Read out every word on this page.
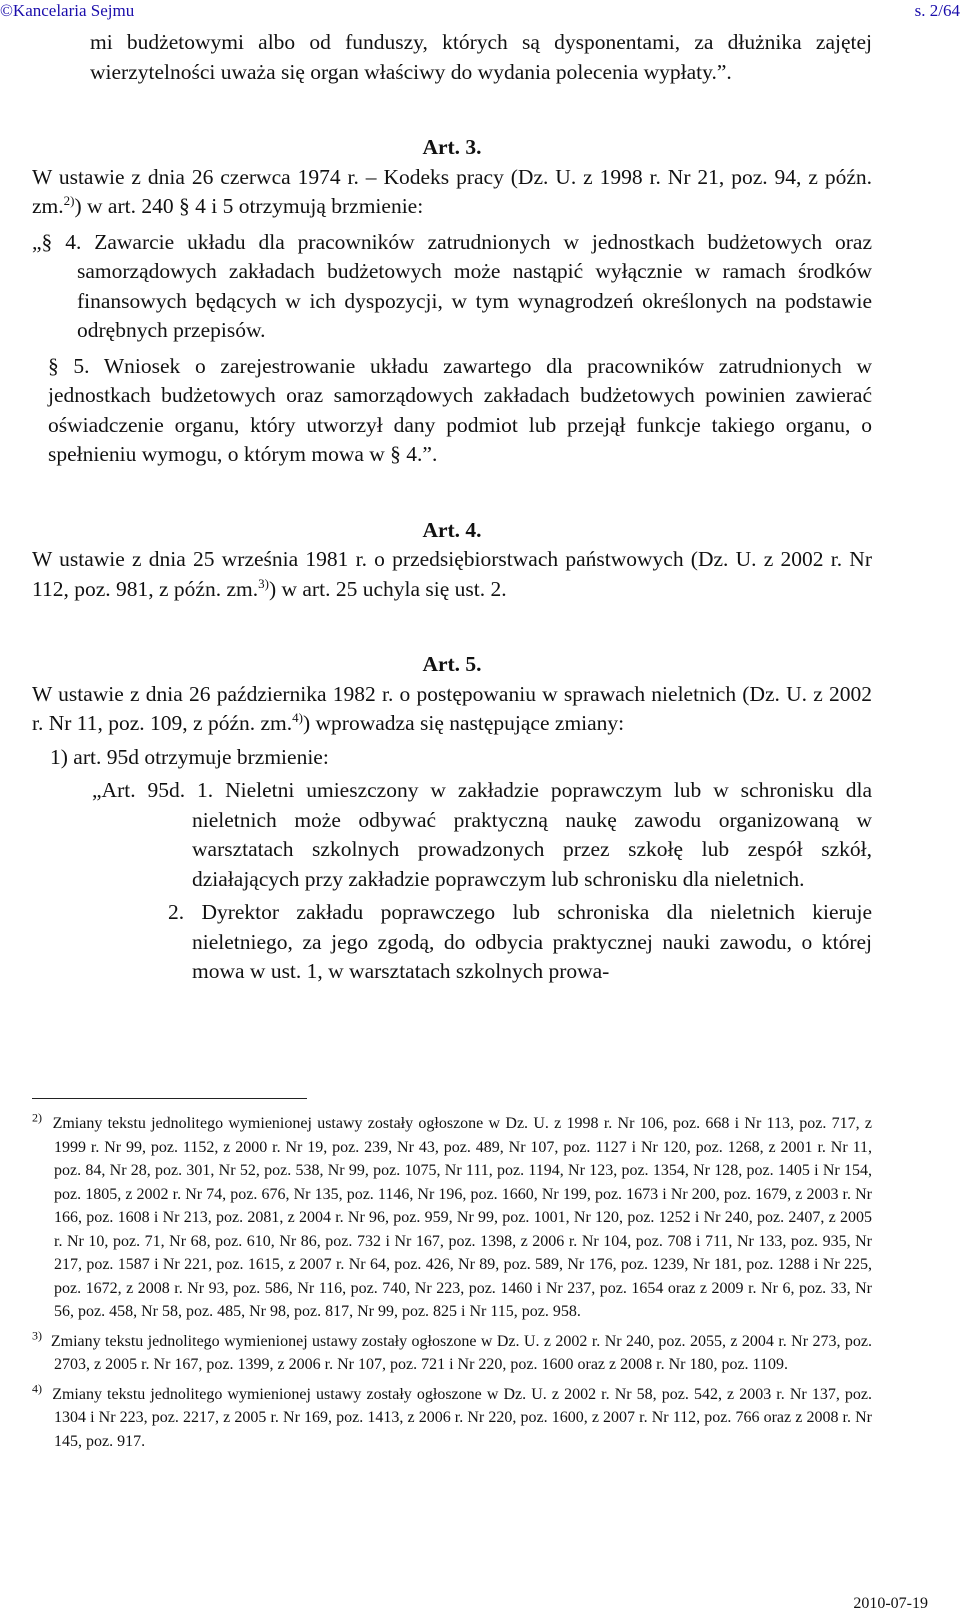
©Kancelaria Sejmu	s. 2/64

mi budżetowymi albo od funduszy, których są dysponentami, za dłużnika zajętej wierzytelności uważa się organ właściwy do wydania polecenia wypłaty.”.

Art. 3.

W ustawie z dnia 26 czerwca 1974 r. – Kodeks pracy (Dz. U. z 1998 r. Nr 21, poz. 94, z późn. zm.$^{2)}$) w art. 240 § 4 i 5 otrzymują brzmienie:

„§ 4. Zawarcie układu dla pracowników zatrudnionych w jednostkach budżetowych oraz samorządowych zakładach budżetowych może nastąpić wyłącznie w ramach środków finansowych będących w ich dyspozycji, w tym wynagrodzeń określonych na podstawie odrębnych przepisów.

§ 5. Wniosek o zarejestrowanie układu zawartego dla pracowników zatrudnionych w jednostkach budżetowych oraz samorządowych zakładach budżetowych powinien zawierać oświadczenie organu, który utworzył dany podmiot lub przejął funkcje takiego organu, o spełnieniu wymogu, o którym mowa w § 4.”.

Art. 4.

W ustawie z dnia 25 września 1981 r. o przedsiębiorstwach państwowych (Dz. U. z 2002 r. Nr 112, poz. 981, z późn. zm.$^{3)}$) w art. 25 uchyla się ust. 2.

Art. 5.

W ustawie z dnia 26 października 1982 r. o postępowaniu w sprawach nieletnich (Dz. U. z 2002 r. Nr 11, poz. 109, z późn. zm.$^{4)}$) wprowadza się następujące zmiany:

1) art. 95d otrzymuje brzmienie:

„Art. 95d. 1. Nieletni umieszczony w zakładzie poprawczym lub w schronisku dla nieletnich może odbywać praktyczną naukę zawodu organizowaną w warsztatach szkolnych prowadzonych przez szkołę lub zespół szkół, działających przy zakładzie poprawczym lub schronisku dla nieletnich.

2. Dyrektor zakładu poprawczego lub schroniska dla nieletnich kieruje nieletniego, za jego zgodą, do odbycia praktycznej nauki zawodu, o której mowa w ust. 1, w warsztatach szkolnych prowa-

$^{2)}$ Zmiany tekstu jednolitego wymienionej ustawy zostały ogłoszone w Dz. U. z 1998 r. Nr 106, poz. 668 i Nr 113, poz. 717, z 1999 r. Nr 99, poz. 1152, z 2000 r. Nr 19, poz. 239, Nr 43, poz. 489, Nr 107, poz. 1127 i Nr 120, poz. 1268, z 2001 r. Nr 11, poz. 84, Nr 28, poz. 301, Nr 52, poz. 538, Nr 99, poz. 1075, Nr 111, poz. 1194, Nr 123, poz. 1354, Nr 128, poz. 1405 i Nr 154, poz. 1805, z 2002 r. Nr 74, poz. 676, Nr 135, poz. 1146, Nr 196, poz. 1660, Nr 199, poz. 1673 i Nr 200, poz. 1679, z 2003 r. Nr 166, poz. 1608 i Nr 213, poz. 2081, z 2004 r. Nr 96, poz. 959, Nr 99, poz. 1001, Nr 120, poz. 1252 i Nr 240, poz. 2407, z 2005 r. Nr 10, poz. 71, Nr 68, poz. 610, Nr 86, poz. 732 i Nr 167, poz. 1398, z 2006 r. Nr 104, poz. 708 i 711, Nr 133, poz. 935, Nr 217, poz. 1587 i Nr 221, poz. 1615, z 2007 r. Nr 64, poz. 426, Nr 89, poz. 589, Nr 176, poz. 1239, Nr 181, poz. 1288 i Nr 225, poz. 1672, z 2008 r. Nr 93, poz. 586, Nr 116, poz. 740, Nr 223, poz. 1460 i Nr 237, poz. 1654 oraz z 2009 r. Nr 6, poz. 33, Nr 56, poz. 458, Nr 58, poz. 485, Nr 98, poz. 817, Nr 99, poz. 825 i Nr 115, poz. 958.

$^{3)}$ Zmiany tekstu jednolitego wymienionej ustawy zostały ogłoszone w Dz. U. z 2002 r. Nr 240, poz. 2055, z 2004 r. Nr 273, poz. 2703, z 2005 r. Nr 167, poz. 1399, z 2006 r. Nr 107, poz. 721 i Nr 220, poz. 1600 oraz z 2008 r. Nr 180, poz. 1109.

$^{4)}$ Zmiany tekstu jednolitego wymienionej ustawy zostały ogłoszone w Dz. U. z 2002 r. Nr 58, poz. 542, z 2003 r. Nr 137, poz. 1304 i Nr 223, poz. 2217, z 2005 r. Nr 169, poz. 1413, z 2006 r. Nr 220, poz. 1600, z 2007 r. Nr 112, poz. 766 oraz z 2008 r. Nr 145, poz. 917.

2010-07-19
